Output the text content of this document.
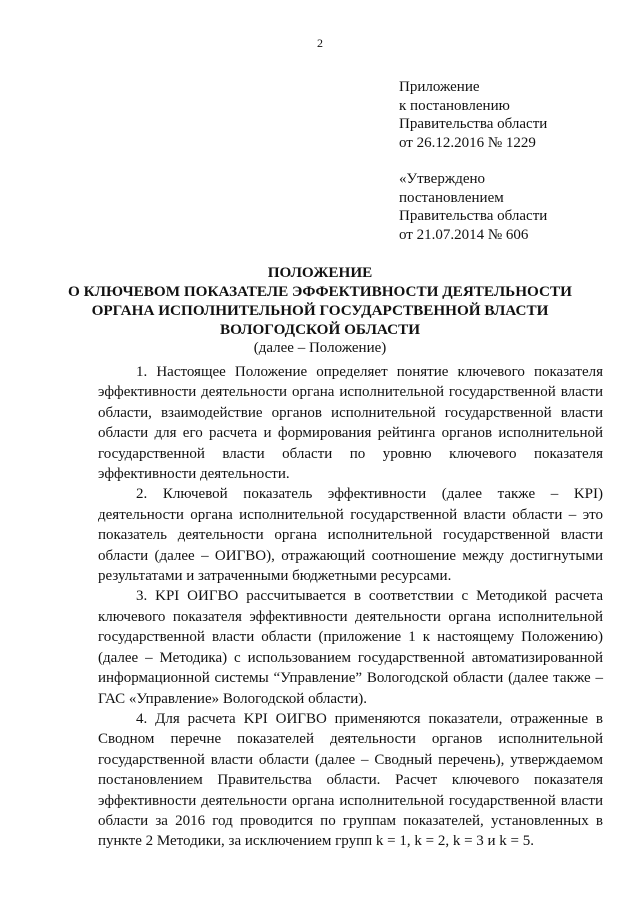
2
Приложение
к постановлению
Правительства области
от 26.12.2016 № 1229
«Утверждено
постановлением
Правительства области
от 21.07.2014 № 606
ПОЛОЖЕНИЕ
О КЛЮЧЕВОМ ПОКАЗАТЕЛЕ ЭФФЕКТИВНОСТИ ДЕЯТЕЛЬНОСТИ
ОРГАНА ИСПОЛНИТЕЛЬНОЙ ГОСУДАРСТВЕННОЙ ВЛАСТИ
ВОЛОГОДСКОЙ ОБЛАСТИ
(далее – Положение)

1. Настоящее Положение определяет понятие ключевого показателя эффективности деятельности органа исполнительной государственной власти области, взаимодействие органов исполнительной государственной власти области для его расчета и формирования рейтинга органов исполнительной государственной власти области по уровню ключевого показателя эффективности деятельности.

2. Ключевой показатель эффективности (далее также – KPI) деятельности органа исполнительной государственной власти области – это показатель деятельности органа исполнительной государственной власти области (далее – ОИГВО), отражающий соотношение между достигнутыми результатами и затраченными бюджетными ресурсами.

3. KPI ОИГВО рассчитывается в соответствии с Методикой расчета ключевого показателя эффективности деятельности органа исполнительной государственной власти области (приложение 1 к настоящему Положению) (далее – Методика) с использованием государственной автоматизированной информационной системы “Управление” Вологодской области (далее также – ГАС «Управление» Вологодской области).

4. Для расчета KPI ОИГВО применяются показатели, отраженные в Сводном перечне показателей деятельности органов исполнительной государственной власти области (далее – Сводный перечень), утверждаемом постановлением Правительства области. Расчет ключевого показателя эффективности деятельности органа исполнительной государственной власти области за 2016 год проводится по группам показателей, установленных в пункте 2 Методики, за исключением групп k = 1, k = 2, k = 3 и k = 5.
